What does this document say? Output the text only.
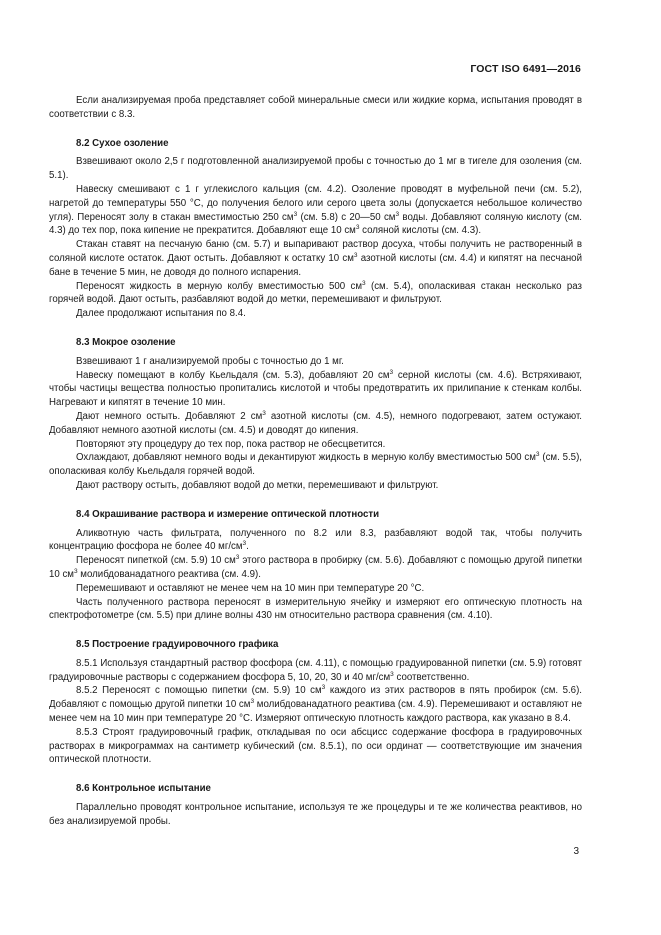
ГОСТ ISO 6491—2016

Если анализируемая проба представляет собой минеральные смеси или жидкие корма, испытания проводят в соответствии с 8.3.

8.2 Сухое озоление

Взвешивают около 2,5 г подготовленной анализируемой пробы с точностью до 1 мг в тигеле для озоления (см. 5.1).

Навеску смешивают с 1 г углекислого кальция (см. 4.2). Озоление проводят в муфельной печи (см. 5.2), нагретой до температуры 550 °С, до получения белого или серого цвета золы (допускается небольшое количество угля). Переносят золу в стакан вместимостью 250 $см^3$ (см. 5.8) с 20—50 $см^3$ воды. Добавляют соляную кислоту (см. 4.3) до тех пор, пока кипение не прекратится. Добавляют еще 10 $см^3$ соляной кислоты (см. 4.3).

Стакан ставят на песчаную баню (см. 5.7) и выпаривают раствор досуха, чтобы получить не растворенный в соляной кислоте остаток. Дают остыть. Добавляют к остатку 10 $см^3$ азотной кислоты (см. 4.4) и кипятят на песчаной бане в течение 5 мин, не доводя до полного испарения.

Переносят жидкость в мерную колбу вместимостью 500 $см^3$ (см. 5.4), ополаскивая стакан несколько раз горячей водой. Дают остыть, разбавляют водой до метки, перемешивают и фильтруют.

Далее продолжают испытания по 8.4.

8.3 Мокрое озоление

Взвешивают 1 г анализируемой пробы с точностью до 1 мг.

Навеску помещают в колбу Кьельдаля (см. 5.3), добавляют 20 $см^3$ серной кислоты (см. 4.6). Встряхивают, чтобы частицы вещества полностью пропитались кислотой и чтобы предотвратить их прилипание к стенкам колбы. Нагревают и кипятят в течение 10 мин.

Дают немного остыть. Добавляют 2 $см^3$ азотной кислоты (см. 4.5), немного подогревают, затем остужают. Добавляют немного азотной кислоты (см. 4.5) и доводят до кипения.

Повторяют эту процедуру до тех пор, пока раствор не обесцветится.

Охлаждают, добавляют немного воды и декантируют жидкость в мерную колбу вместимостью 500 $см^3$ (см. 5.5), ополаскивая колбу Кьельдаля горячей водой.

Дают раствору остыть, добавляют водой до метки, перемешивают и фильтруют.

8.4 Окрашивание раствора и измерение оптической плотности

Аликвотную часть фильтрата, полученного по 8.2 или 8.3, разбавляют водой так, чтобы получить концентрацию фосфора не более 40 $мг/см^3$.

Переносят пипеткой (см. 5.9) 10 $см^3$ этого раствора в пробирку (см. 5.6). Добавляют с помощью другой пипетки 10 $см^3$ молибдованадатного реактива (см. 4.9).

Перемешивают и оставляют не менее чем на 10 мин при температуре 20 °С.

Часть полученного раствора переносят в измерительную ячейку и измеряют его оптическую плотность на спектрофотометре (см. 5.5) при длине волны 430 нм относительно раствора сравнения (см. 4.10).

8.5 Построение градуировочного графика

8.5.1 Используя стандартный раствор фосфора (см. 4.11), с помощью градуированной пипетки (см. 5.9) готовят градуировочные растворы с содержанием фосфора 5, 10, 20, 30 и 40 $мг/см^3$ соответственно.

8.5.2 Переносят с помощью пипетки (см. 5.9) 10 $см^3$ каждого из этих растворов в пять пробирок (см. 5.6). Добавляют с помощью другой пипетки 10 $см^3$ молибдованадатного реактива (см. 4.9). Перемешивают и оставляют не менее чем на 10 мин при температуре 20 °С. Измеряют оптическую плотность каждого раствора, как указано в 8.4.

8.5.3 Строят градуировочный график, откладывая по оси абсцисс содержание фосфора в градуировочных растворах в микрограммах на сантиметр кубический (см. 8.5.1), по оси ординат — соответствующие им значения оптической плотности.

8.6 Контрольное испытание

Параллельно проводят контрольное испытание, используя те же процедуры и те же количества реактивов, но без анализируемой пробы.

3
